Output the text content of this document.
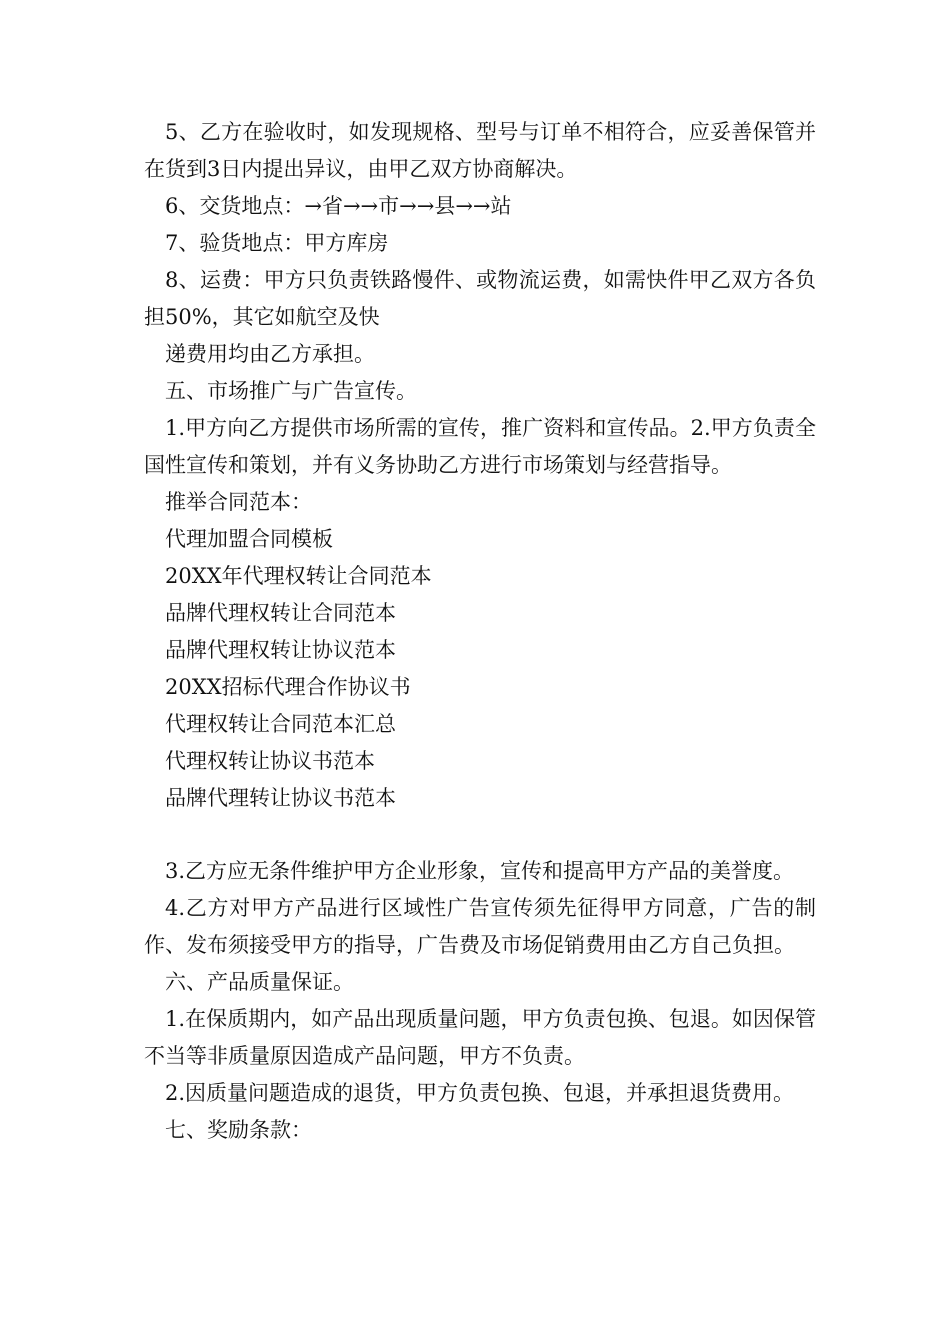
5、乙方在验收时，如发现规格、型号与订单不相符合，应妥善保管并在货到3日内提出异议，由甲乙双方协商解决。

6、交货地点：→省→→市→→县→→站

7、验货地点：甲方库房

8、运费：甲方只负责铁路慢件、或物流运费，如需快件甲乙双方各负担50%，其它如航空及快

递费用均由乙方承担。

五、市场推广与广告宣传。

1.甲方向乙方提供市场所需的宣传，推广资料和宣传品。2.甲方负责全国性宣传和策划，并有义务协助乙方进行市场策划与经营指导。

推举合同范本：

代理加盟合同模板

20XX年代理权转让合同范本

品牌代理权转让合同范本

品牌代理权转让协议范本

20XX招标代理合作协议书

代理权转让合同范本汇总

代理权转让协议书范本

品牌代理转让协议书范本

3.乙方应无条件维护甲方企业形象，宣传和提高甲方产品的美誉度。

4.乙方对甲方产品进行区域性广告宣传须先征得甲方同意，广告的制作、发布须接受甲方的指导，广告费及市场促销费用由乙方自己负担。

六、产品质量保证。

1.在保质期内，如产品出现质量问题，甲方负责包换、包退。如因保管不当等非质量原因造成产品问题，甲方不负责。

2.因质量问题造成的退货，甲方负责包换、包退，并承担退货费用。

七、奖励条款：
